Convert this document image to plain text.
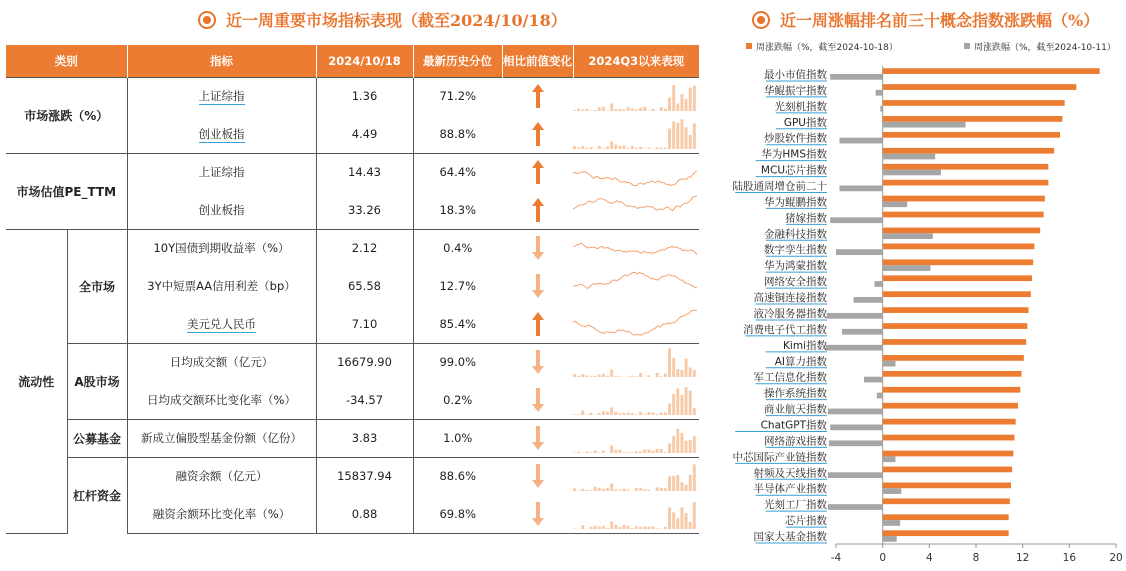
近一周重要市场指标表现（截至2024/10/18）	近一周涨幅排名前三十概念指数涨跌幅（%）
类别		指标	2024/10/18	最新历史分位	相比前值变化	2024Q3以来表现
市场涨跌（%）		上证综指	1.36	71.2%	

		创业板指	4.49	88.8%	

市场估值PE_TTM		上证综指	14.43	64.4%	

		创业板指	33.26	18.3%	

流动性	全市场	10Y国债到期收益率（%）	2.12	0.4%	

		3Y中短票AA信用利差（bp）	65.58	12.7%	

		美元兑人民币	7.10	85.4%	

	A股市场	日均成交额（亿元）	16679.90	99.0%	

		日均成交额环比变化率（%）	-34.57	0.2%	

	公募基金	新成立偏股型基金份额（亿份）	3.83	1.0%	

	杠杆资金	融资余额（亿元）	15837.94	88.6%	

		融资余额环比变化率（%）	0.88	69.8%	

周涨跌幅（%，截至2024-10-18）	周涨跌幅（%，截至2024-10-11）
-4	0	4	8	12	16	20
最小市值指数
华鲲振宇指数
光刻机指数
GPU指数
炒股软件指数
华为HMS指数
MCU芯片指数
陆股通周增仓前二十
华为鲲鹏指数
猪嫁指数
金融科技指数
数字孪生指数
华为鸿蒙指数
网络安全指数
高速铜连接指数
液冷服务器指数
消费电子代工指数
Kimi指数
AI算力指数
军工信息化指数
操作系统指数
商业航天指数
ChatGPT指数
网络游戏指数
中芯国际产业链指数
射频及天线指数
半导体产业指数
光刻工厂指数
芯片指数
国家大基金指数
